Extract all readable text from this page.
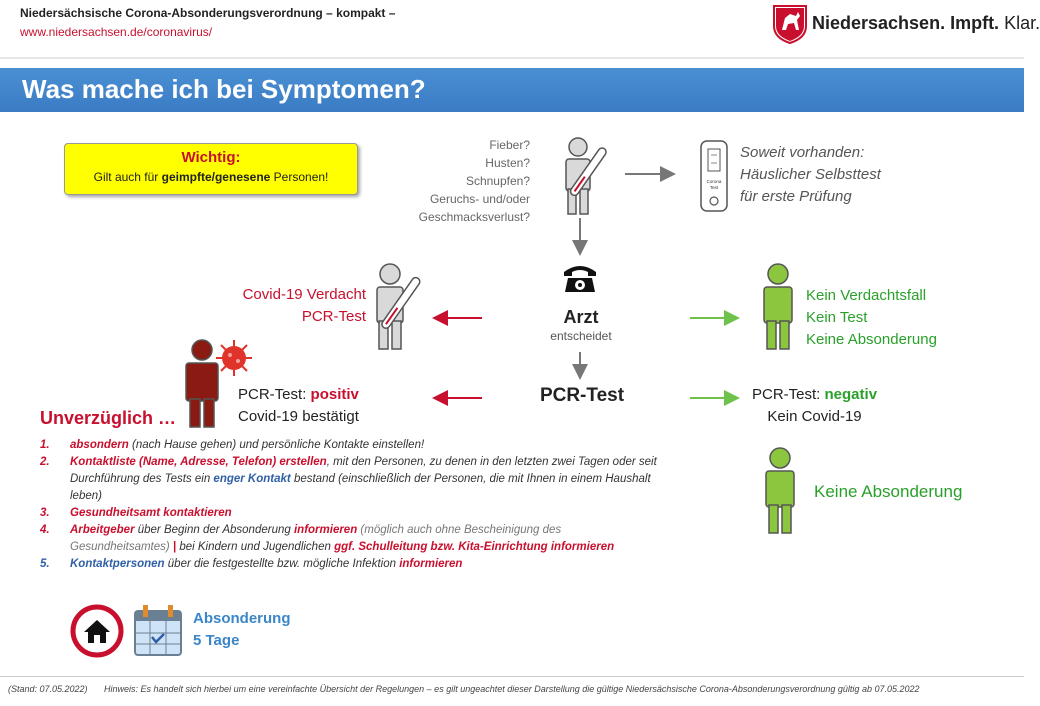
Niedersächsische Corona-Absonderungsverordnung – kompakt –
www.niedersachsen.de/coronavirus/	Niedersachsen. Impft. Klar.
Was mache ich bei Symptomen?
Wichtig:
Gilt auch für geimpfte/genesene Personen!
Fieber?
Husten?
Schnupfen?
Geruchs- und/oder
Geschmacksverlust?
Corona
Test
Soweit vorhanden:
Häuslicher Selbsttest
für erste Prüfung
Arzt
entscheidet
Covid-19 Verdacht
PCR-Test
Kein Verdachtsfall
Kein Test
Keine Absonderung
PCR-Test
PCR-Test: positiv
Covid-19 bestätigt
PCR-Test: negativ
Kein Covid-19
Keine Absonderung
Unverzüglich …
1.	absondern (nach Hause gehen) und persönliche Kontakte einstellen!
2.	Kontaktliste (Name, Adresse, Telefon) erstellen, mit den Personen, zu denen in den letzten zwei Tagen oder seit Durchführung des Tests ein enger Kontakt bestand (einschließlich der Personen, die mit Ihnen in einem Haushalt leben)
3.	Gesundheitsamt kontaktieren
4.	Arbeitgeber über Beginn der Absonderung informieren (möglich auch ohne Bescheinigung des Gesundheitsamtes) | bei Kindern und Jugendlichen ggf. Schulleitung bzw. Kita-Einrichtung informieren
5.	Kontaktpersonen über die festgestellte bzw. mögliche Infektion informieren
Absonderung
5 Tage
(Stand: 07.05.2022) Hinweis: Es handelt sich hierbei um eine vereinfachte Übersicht der Regelungen – es gilt ungeachtet dieser Darstellung die gültige Niedersächsische Corona-Absonderungsverordnung gültig ab 07.05.2022
